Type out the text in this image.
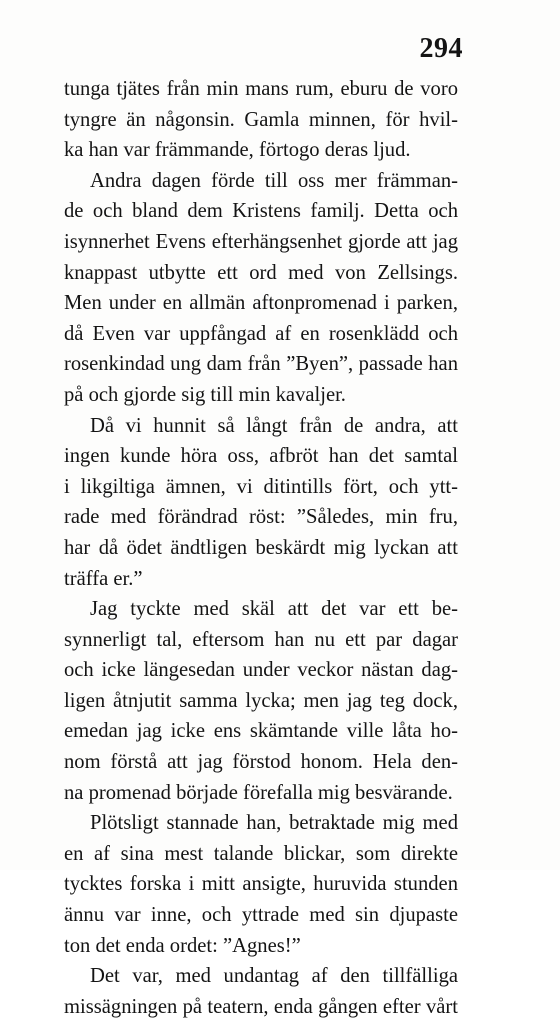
294
tunga tjätes från min mans rum, eburu de voro
tyngre än någonsin. Gamla minnen, för hvil-
ka han var främmande, förtogo deras ljud.
Andra dagen förde till oss mer främman-
de och bland dem Kristens familj. Detta och
isynnerhet Evens efterhängsenhet gjorde att jag
knappast utbytte ett ord med von Zellsings.
Men under en allmän aftonpromenad i parken,
då Even var uppfångad af en rosenklädd och
rosenkindad ung dam från ”Byen”, passade han
på och gjorde sig till min kavaljer.
Då vi hunnit så långt från de andra, att
ingen kunde höra oss, afbröt han det samtal
i likgiltiga ämnen, vi ditintills fört, och ytt-
rade med förändrad röst: ”Således, min fru,
har då ödet ändtligen beskärdt mig lyckan att
träffa er.”
Jag tyckte med skäl att det var ett be-
synnerligt tal, eftersom han nu ett par dagar
och icke längesedan under veckor nästan dag-
ligen åtnjutit samma lycka; men jag teg dock,
emedan jag icke ens skämtande ville låta ho-
nom förstå att jag förstod honom. Hela den-
na promenad började förefalla mig besvärande.
Plötsligt stannade han, betraktade mig med
en af sina mest talande blickar, som direkte
tycktes forska i mitt ansigte, huruvida stunden
ännu var inne, och yttrade med sin djupaste
ton det enda ordet: ”Agnes!”
Det var, med undantag af den tillfälliga
missägningen på teatern, enda gången efter vårt
